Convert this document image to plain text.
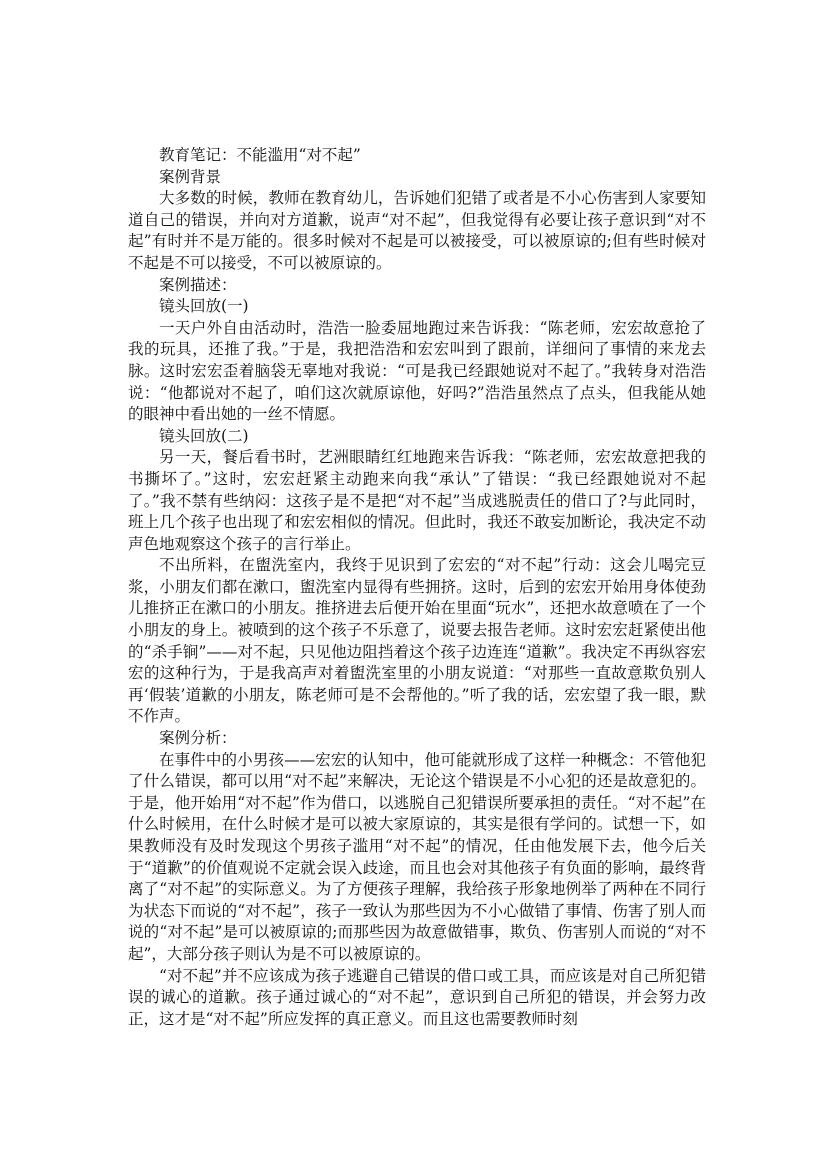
教育笔记：不能滥用“对不起”

案例背景

大多数的时候，教师在教育幼儿，告诉她们犯错了或者是不小心伤害到人家要知道自己的错误，并向对方道歉，说声“对不起”，但我觉得有必要让孩子意识到“对不起”有时并不是万能的。很多时候对不起是可以被接受，可以被原谅的;但有些时候对不起是不可以接受，不可以被原谅的。

案例描述：

镜头回放(一)

一天户外自由活动时，浩浩一脸委屈地跑过来告诉我：“陈老师，宏宏故意抢了我的玩具，还推了我。”于是，我把浩浩和宏宏叫到了跟前，详细问了事情的来龙去脉。这时宏宏歪着脑袋无辜地对我说：“可是我已经跟她说对不起了。”我转身对浩浩说：“他都说对不起了，咱们这次就原谅他，好吗?”浩浩虽然点了点头，但我能从她的眼神中看出她的一丝不情愿。

镜头回放(二)

另一天，餐后看书时，艺洲眼睛红红地跑来告诉我：“陈老师，宏宏故意把我的书撕坏了。”这时，宏宏赶紧主动跑来向我“承认”了错误：“我已经跟她说对不起了。”我不禁有些纳闷：这孩子是不是把“对不起”当成逃脱责任的借口了?与此同时，班上几个孩子也出现了和宏宏相似的情况。但此时，我还不敢妄加断论，我决定不动声色地观察这个孩子的言行举止。

不出所料，在盥洗室内，我终于见识到了宏宏的“对不起”行动：这会儿喝完豆浆，小朋友们都在漱口，盥洗室内显得有些拥挤。这时，后到的宏宏开始用身体使劲儿推挤正在漱口的小朋友。推挤进去后便开始在里面“玩水”，还把水故意喷在了一个小朋友的身上。被喷到的这个孩子不乐意了，说要去报告老师。这时宏宏赶紧使出他的“杀手锏”——对不起，只见他边阻挡着这个孩子边连连“道歉”。我决定不再纵容宏宏的这种行为，于是我高声对着盥洗室里的小朋友说道：“对那些一直故意欺负别人再‘假装’道歉的小朋友，陈老师可是不会帮他的。”听了我的话，宏宏望了我一眼，默不作声。

案例分析：

在事件中的小男孩——宏宏的认知中，他可能就形成了这样一种概念：不管他犯了什么错误，都可以用“对不起”来解决，无论这个错误是不小心犯的还是故意犯的。于是，他开始用“对不起”作为借口，以逃脱自己犯错误所要承担的责任。“对不起”在什么时候用，在什么时候才是可以被大家原谅的，其实是很有学问的。试想一下，如果教师没有及时发现这个男孩子滥用“对不起”的情况，任由他发展下去，他今后关于“道歉”的价值观说不定就会误入歧途，而且也会对其他孩子有负面的影响，最终背离了“对不起”的实际意义。为了方便孩子理解，我给孩子形象地例举了两种在不同行为状态下而说的“对不起”，孩子一致认为那些因为不小心做错了事情、伤害了别人而说的“对不起”是可以被原谅的;而那些因为故意做错事，欺负、伤害别人而说的“对不起”，大部分孩子则认为是不可以被原谅的。

“对不起”并不应该成为孩子逃避自己错误的借口或工具，而应该是对自己所犯错误的诚心的道歉。孩子通过诚心的“对不起”，意识到自己所犯的错误，并会努力改正，这才是“对不起”所应发挥的真正意义。而且这也需要教师时刻
